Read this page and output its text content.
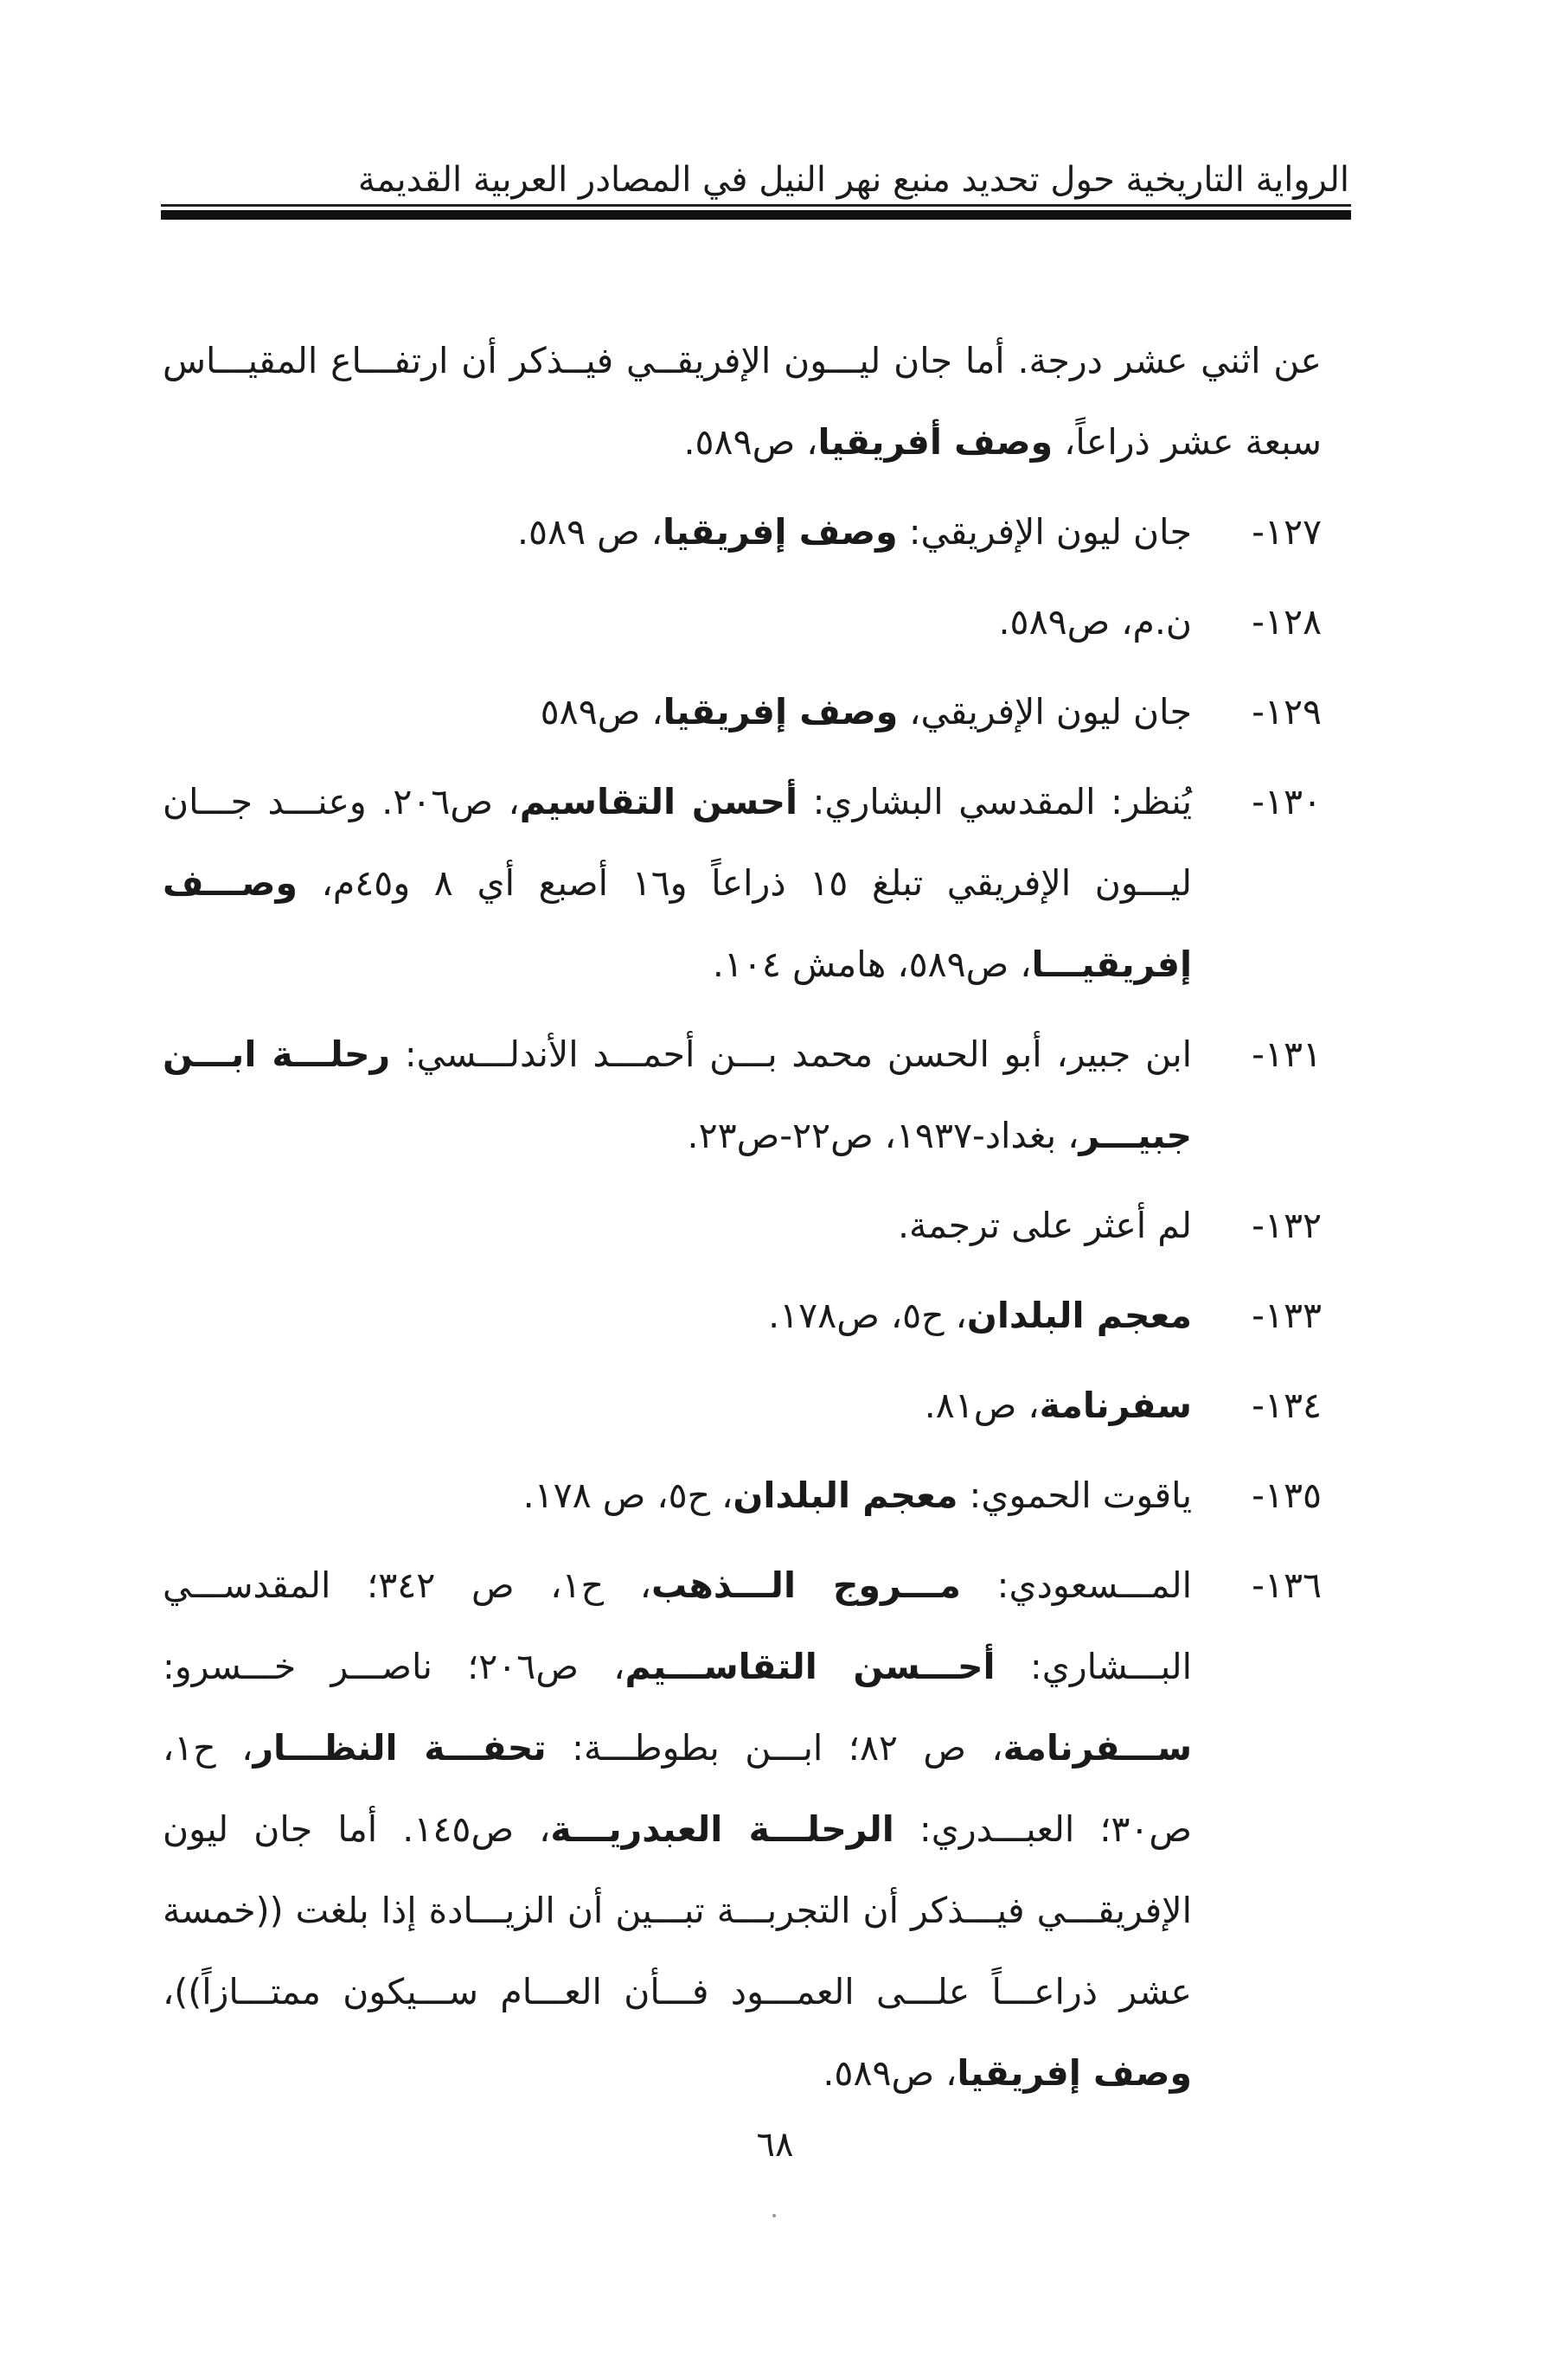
الرواية التاريخية حول تحديد منبع نهر النيل في المصادر العربية القديمة

عن اثني عشر درجة. أما جان ليـــون الإفريقــي فيــذكر أن ارتفـــاع المقيـــاس سبعة عشر ذراعاً، وصف أفريقيا، ص٥٨٩.

١٢٧-
جان ليون الإفريقي: وصف إفريقيا، ص ٥٨٩.
١٢٨-
ن.م، ص٥٨٩.
١٢٩-
جان ليون الإفريقي، وصف إفريقيا، ص٥٨٩
١٣٠-
يُنظر: المقدسي البشاري: أحسن التقاسيم، ص٢٠٦. وعنـــد جـــان ليـــون الإفريقي تبلغ ١٥ ذراعاً و١٦ أصبع أي ٨ و٤٥م، وصـــف إفريقيـــا، ص٥٨٩، هامش ١٠٤.
١٣١-
ابن جبير، أبو الحسن محمد بـــن أحمـــد الأندلـــسي: رحلـــة ابـــن جبيـــر، بغداد-١٩٣٧، ص٢٢-ص٢٣.
١٣٢-
لم أعثر على ترجمة.
١٣٣-
معجم البلدان، ح٥، ص١٧٨.
١٣٤-
سفرنامة، ص٨١.
١٣٥-
ياقوت الحموي: معجم البلدان، ح٥، ص ١٧٨.
١٣٦-
المـــسعودي: مـــروج الـــذهب، ح١، ص ٣٤٢؛ المقدســـي البـــشاري: أحـــسن التقاســـيم، ص٢٠٦؛ ناصـــر خـــسرو: ســـفرنامة، ص ٨٢؛ ابـــن بطوطـــة: تحفـــة النظـــار، ح١، ص٣٠؛ العبـــدري: الرحلـــة العبدريـــة، ص١٤٥. أما جان ليون الإفريقـــي فيـــذكر أن التجربـــة تبـــين أن الزيـــادة إذا بلغت ((خمسة عشر ذراعـــاً علـــى العمـــود فـــأن العـــام ســـيكون ممتـــازاً))، وصف إفريقيا، ص٥٨٩.
٦٨
